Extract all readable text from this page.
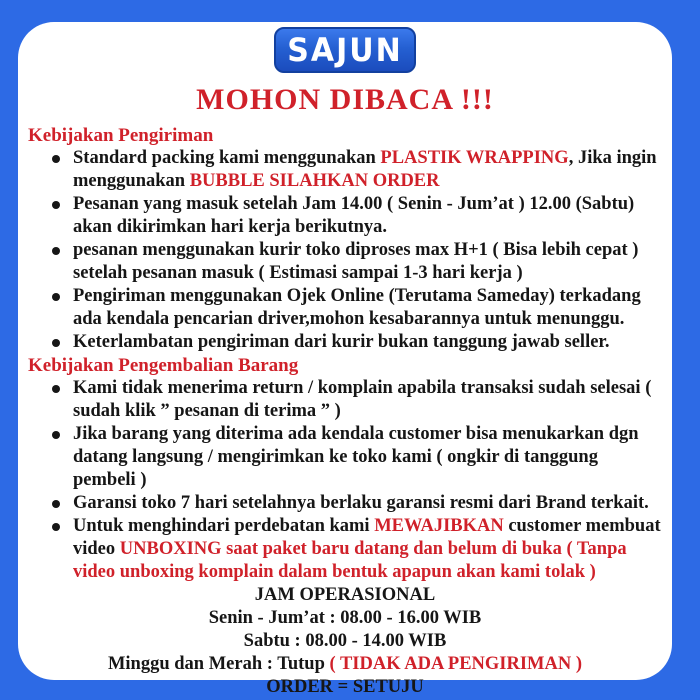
SAJUN
MOHON DIBACA !!!
Kebijakan Pengiriman
Standard packing kami menggunakan PLASTIK WRAPPING, Jika ingin menggunakan BUBBLE SILAHKAN ORDER
Pesanan yang masuk setelah Jam 14.00 ( Senin - Jum’at ) 12.00 (Sabtu) akan dikirimkan hari kerja berikutnya.
pesanan menggunakan kurir toko diproses max H+1 ( Bisa lebih cepat ) setelah pesanan masuk ( Estimasi sampai 1-3 hari kerja )
Pengiriman menggunakan Ojek Online (Terutama Sameday) terkadang ada kendala pencarian driver,mohon kesabarannya untuk menunggu.
Keterlambatan pengiriman dari kurir bukan tanggung jawab seller.
Kebijakan Pengembalian Barang
Kami tidak menerima return / komplain apabila transaksi sudah selesai ( sudah klik ” pesanan di terima ” )
Jika barang yang diterima ada kendala customer bisa menukarkan dgn datang langsung / mengirimkan ke toko kami ( ongkir di tanggung pembeli )
Garansi toko 7 hari setelahnya berlaku garansi resmi dari Brand terkait.
Untuk menghindari perdebatan kami MEWAJIBKAN customer membuat video UNBOXING saat paket baru datang dan belum di buka ( Tanpa video unboxing komplain dalam bentuk apapun akan kami tolak )
JAM OPERASIONAL
Senin - Jum’at : 08.00 - 16.00 WIB
Sabtu : 08.00 - 14.00 WIB
Minggu dan Merah : Tutup ( TIDAK ADA PENGIRIMAN )
ORDER = SETUJU
